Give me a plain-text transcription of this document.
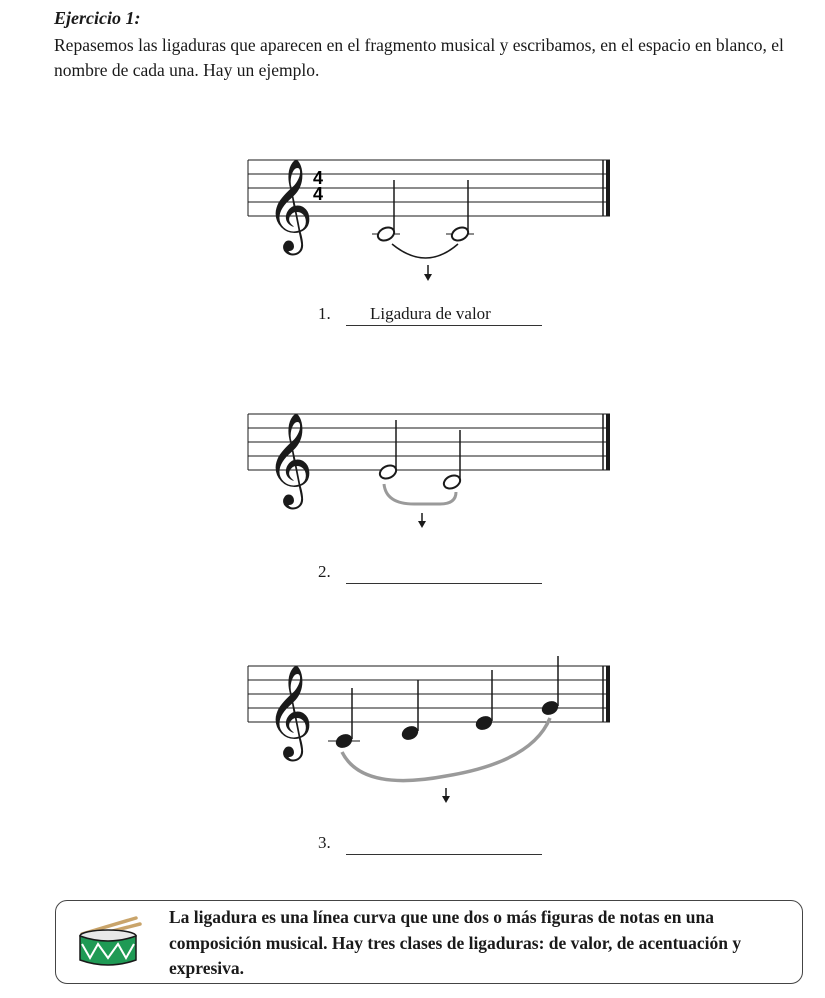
Ejercicio 1:
Repasemos las ligaduras que aparecen en el fragmento musical y escribamos, en el espacio en blanco, el nombre de cada una. Hay un ejemplo.
𝄞 4
4
1. Ligadura de valor
𝄞
2.
𝄞
3.
La ligadura es una línea curva que une dos o más figuras de notas en una composición musical. Hay tres clases de ligaduras: de valor, de acentuación y expresiva.
